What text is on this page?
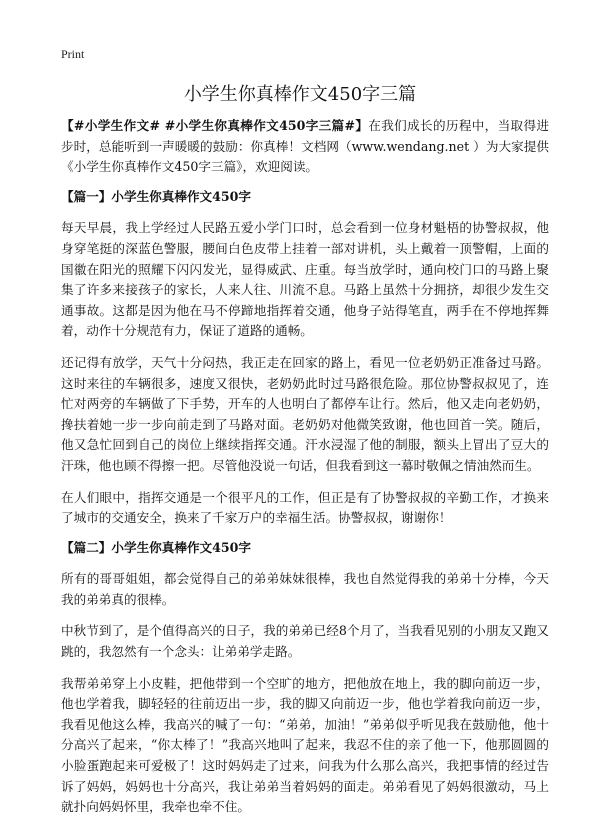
Print
小学生你真棒作文450字三篇

【#小学生作文# #小学生你真棒作文450字三篇#】在我们成长的历程中，当取得进步时，总能听到一声暖暖的鼓励：你真棒！文档网（www.wendang.net ）为大家提供《小学生你真棒作文450字三篇》，欢迎阅读。

【篇一】小学生你真棒作文450字

每天早晨，我上学经过人民路五爱小学门口时，总会看到一位身材魁梧的协警叔叔，他身穿笔挺的深蓝色警服，腰间白色皮带上挂着一部对讲机，头上戴着一顶警帽，上面的国徽在阳光的照耀下闪闪发光，显得威武、庄重。每当放学时，通向校门口的马路上聚集了许多来接孩子的家长，人来人往、川流不息。马路上虽然十分拥挤，却很少发生交通事故。这都是因为他在马不停蹄地指挥着交通，他身子站得笔直，两手在不停地挥舞着，动作十分规范有力，保证了道路的通畅。

还记得有放学，天气十分闷热，我正走在回家的路上，看见一位老奶奶正准备过马路。这时来往的车辆很多，速度又很快，老奶奶此时过马路很危险。那位协警叔叔见了，连忙对两旁的车辆做了下手势，开车的人也明白了都停车让行。然后，他又走向老奶奶，搀扶着她一步一步向前走到了马路对面。老奶奶对他微笑致谢，他也回首一笑。随后，他又急忙回到自己的岗位上继续指挥交通。汗水浸湿了他的制服，额头上冒出了豆大的汗珠，他也顾不得擦一把。尽管他没说一句话，但我看到这一幕时敬佩之情油然而生。

在人们眼中，指挥交通是一个很平凡的工作，但正是有了协警叔叔的辛勤工作，才换来了城市的交通安全，换来了千家万户的幸福生活。协警叔叔，谢谢你！

【篇二】小学生你真棒作文450字

所有的哥哥姐姐，都会觉得自己的弟弟妹妹很棒，我也自然觉得我的弟弟十分棒，今天我的弟弟真的很棒。

中秋节到了，是个值得高兴的日子，我的弟弟已经8个月了，当我看见别的小朋友又跑又跳的，我忽然有一个念头：让弟弟学走路。

我帮弟弟穿上小皮鞋，把他带到一个空旷的地方，把他放在地上，我的脚向前迈一步，他也学着我，脚轻轻的往前迈出一步，我的脚又向前迈一步，他也学着我向前迈一步，我看见他这么棒，我高兴的喊了一句：“弟弟，加油！”弟弟似乎听见我在鼓励他，他十分高兴了起来，“你太棒了！”我高兴地叫了起来，我忍不住的亲了他一下，他那圆圆的小脸蛋跑起来可爱极了！这时妈妈走了过来，问我为什么那么高兴，我把事情的经过告诉了妈妈，妈妈也十分高兴，我让弟弟当着妈妈的面走。弟弟看见了妈妈很激动，马上就扑向妈妈怀里，我牵也牵不住。
